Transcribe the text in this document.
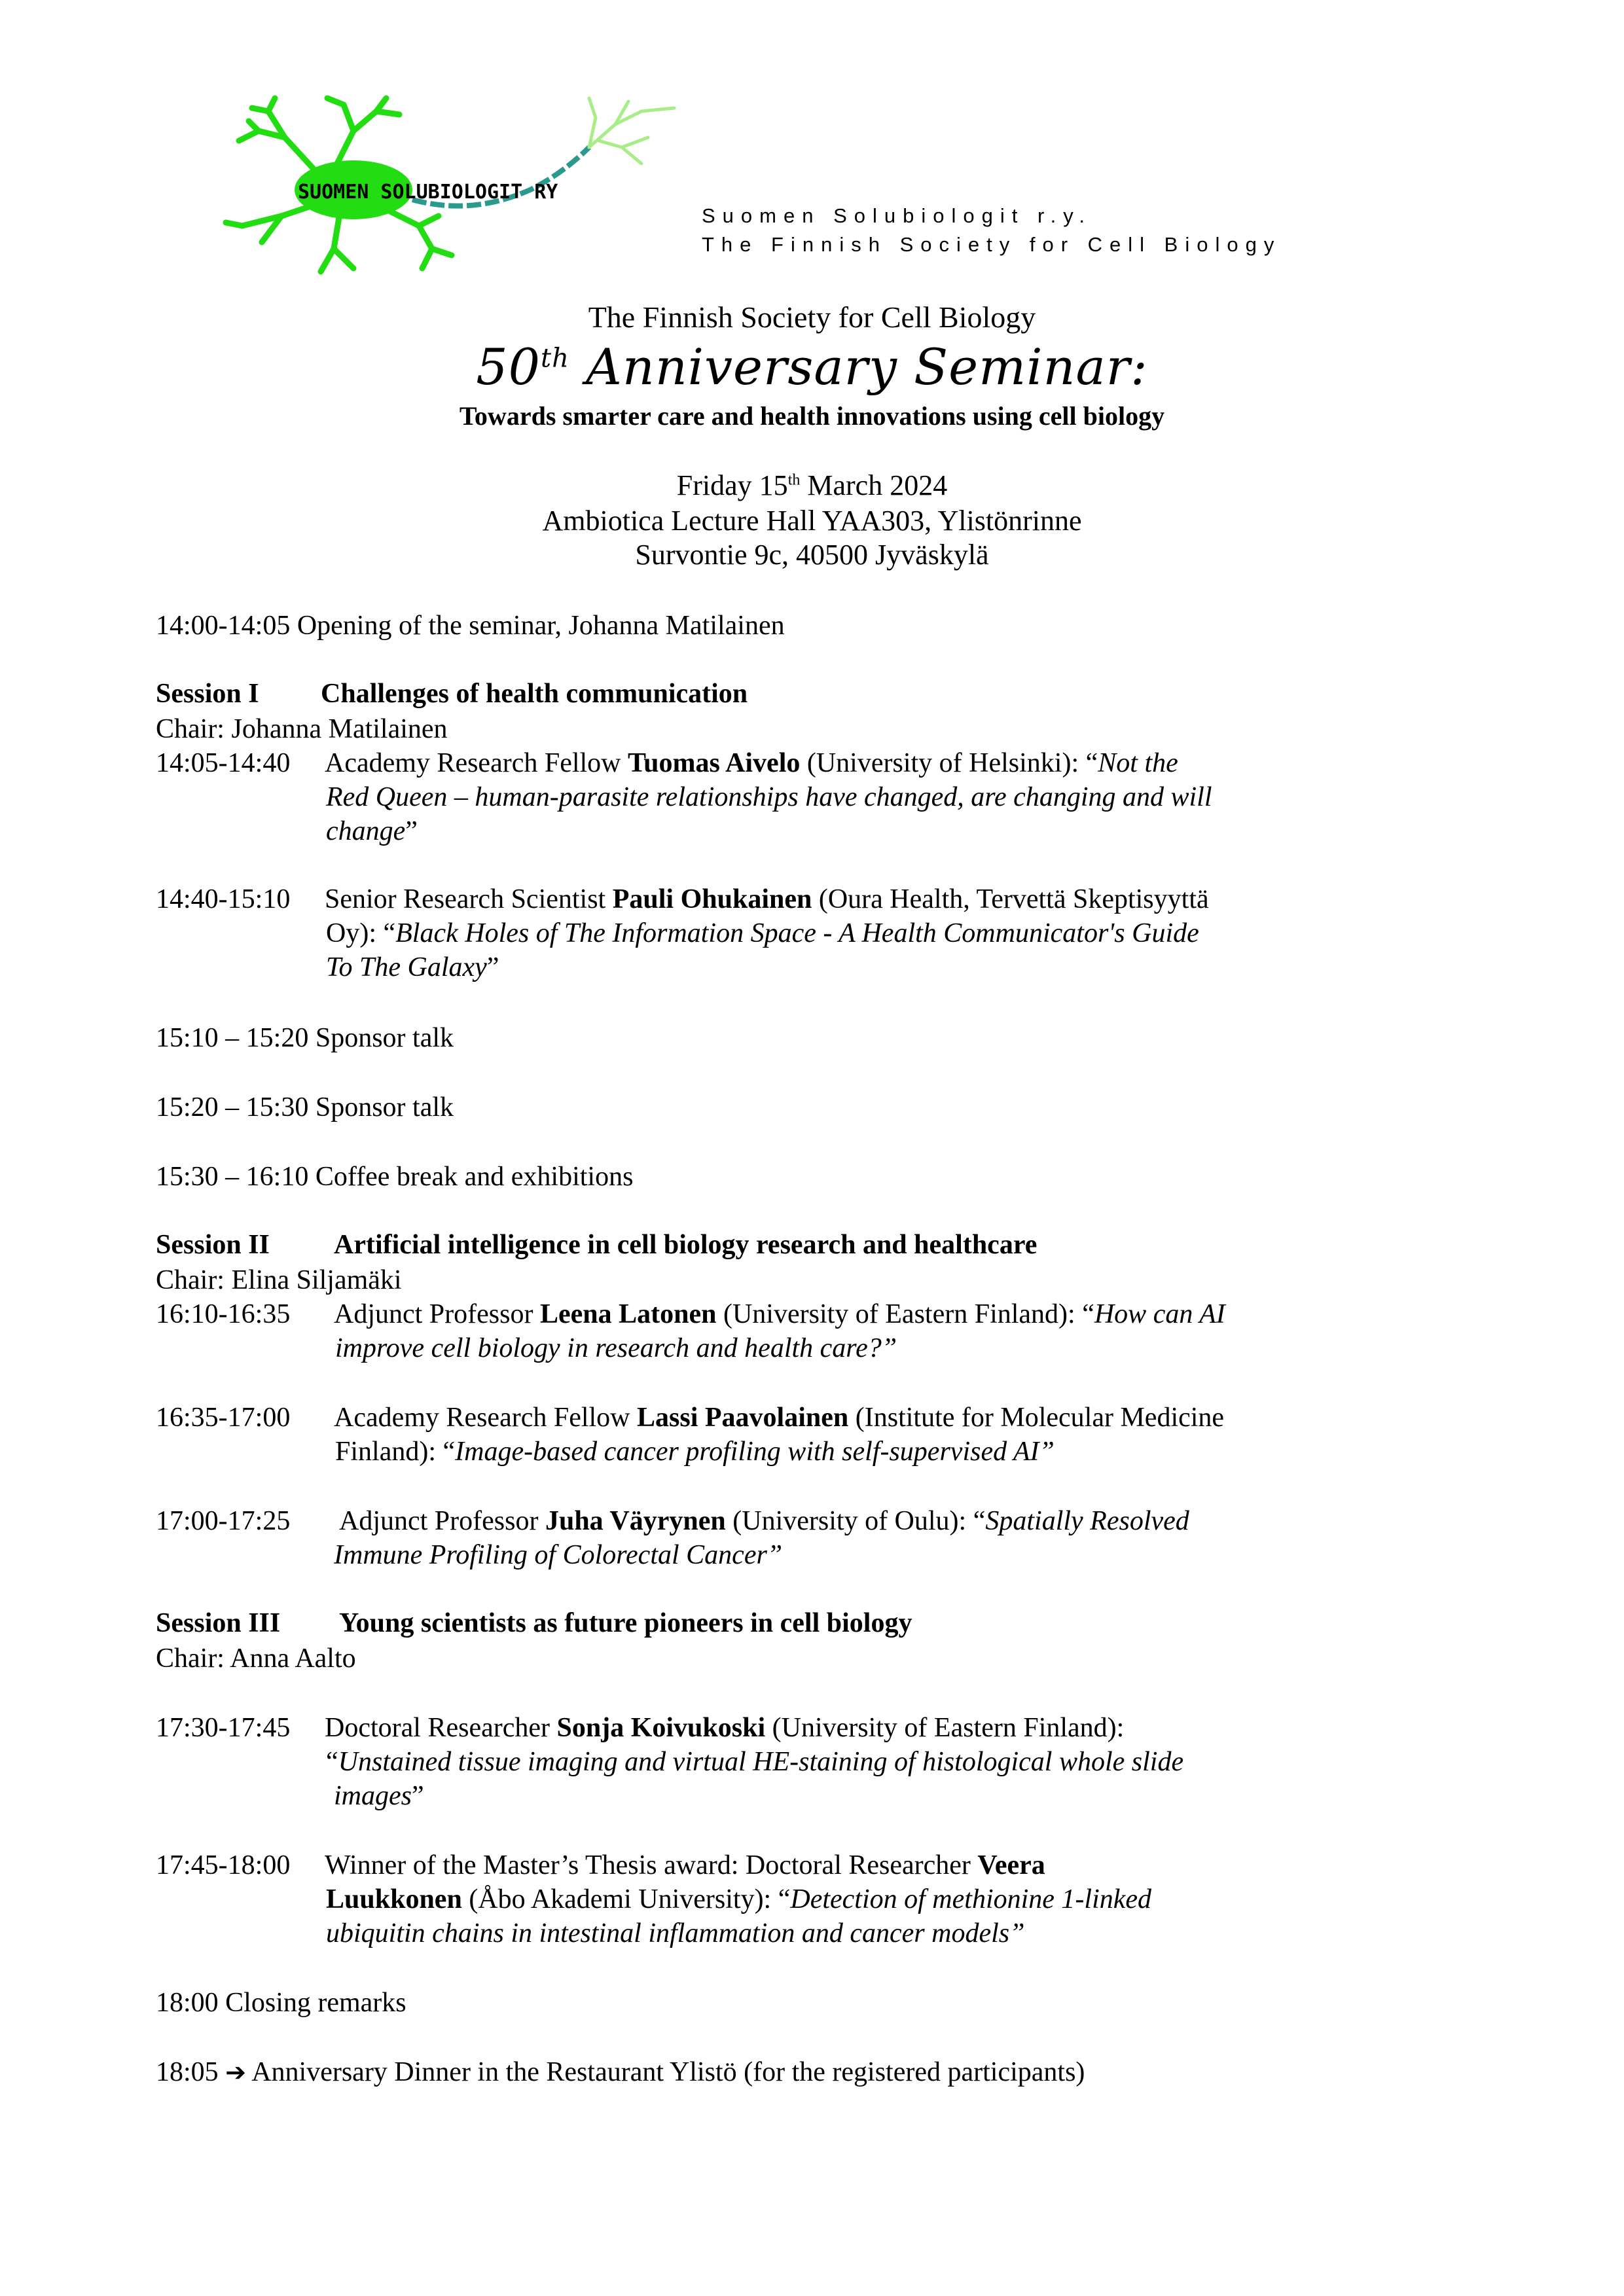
SUOMEN SOLUBIOLOGIT RY
Suomen Solubiologit r.y.
The Finnish Society for Cell Biology
The Finnish Society for Cell Biology
50th Anniversary Seminar:
Towards smarter care and health innovations using cell biology
Friday 15th March 2024
Ambiotica Lecture Hall YAA303, Ylistönrinne
Survontie 9c, 40500 Jyväskylä
14:00-14:05 Opening of the seminar, Johanna Matilainen
Session I Challenges of health communication
Chair: Johanna Matilainen
14:05-14:40 Academy Research Fellow Tuomas Aivelo (University of Helsinki): “Not the
Red Queen – human-parasite relationships have changed, are changing and will
change”
14:40-15:10 Senior Research Scientist Pauli Ohukainen (Oura Health, Tervettä Skeptisyyttä
Oy): “Black Holes of The Information Space - A Health Communicator's Guide
To The Galaxy”
15:10 – 15:20 Sponsor talk
15:20 – 15:30 Sponsor talk
15:30 – 16:10 Coffee break and exhibitions
Session II Artificial intelligence in cell biology research and healthcare
Chair: Elina Siljamäki
16:10-16:35 Adjunct Professor Leena Latonen (University of Eastern Finland): “How can AI
improve cell biology in research and health care?”
16:35-17:00 Academy Research Fellow Lassi Paavolainen (Institute for Molecular Medicine
Finland): “Image-based cancer profiling with self-supervised AI”
17:00-17:25 Adjunct Professor Juha Väyrynen (University of Oulu): “Spatially Resolved
Immune Profiling of Colorectal Cancer”
Session III Young scientists as future pioneers in cell biology
Chair: Anna Aalto
17:30-17:45 Doctoral Researcher Sonja Koivukoski (University of Eastern Finland):
“Unstained tissue imaging and virtual HE-staining of histological whole slide
images”
17:45-18:00 Winner of the Master’s Thesis award: Doctoral Researcher Veera
Luukkonen (Åbo Akademi University): “Detection of methionine 1-linked
ubiquitin chains in intestinal inflammation and cancer models”
18:00 Closing remarks
18:05 ➔ Anniversary Dinner in the Restaurant Ylistö (for the registered participants)
